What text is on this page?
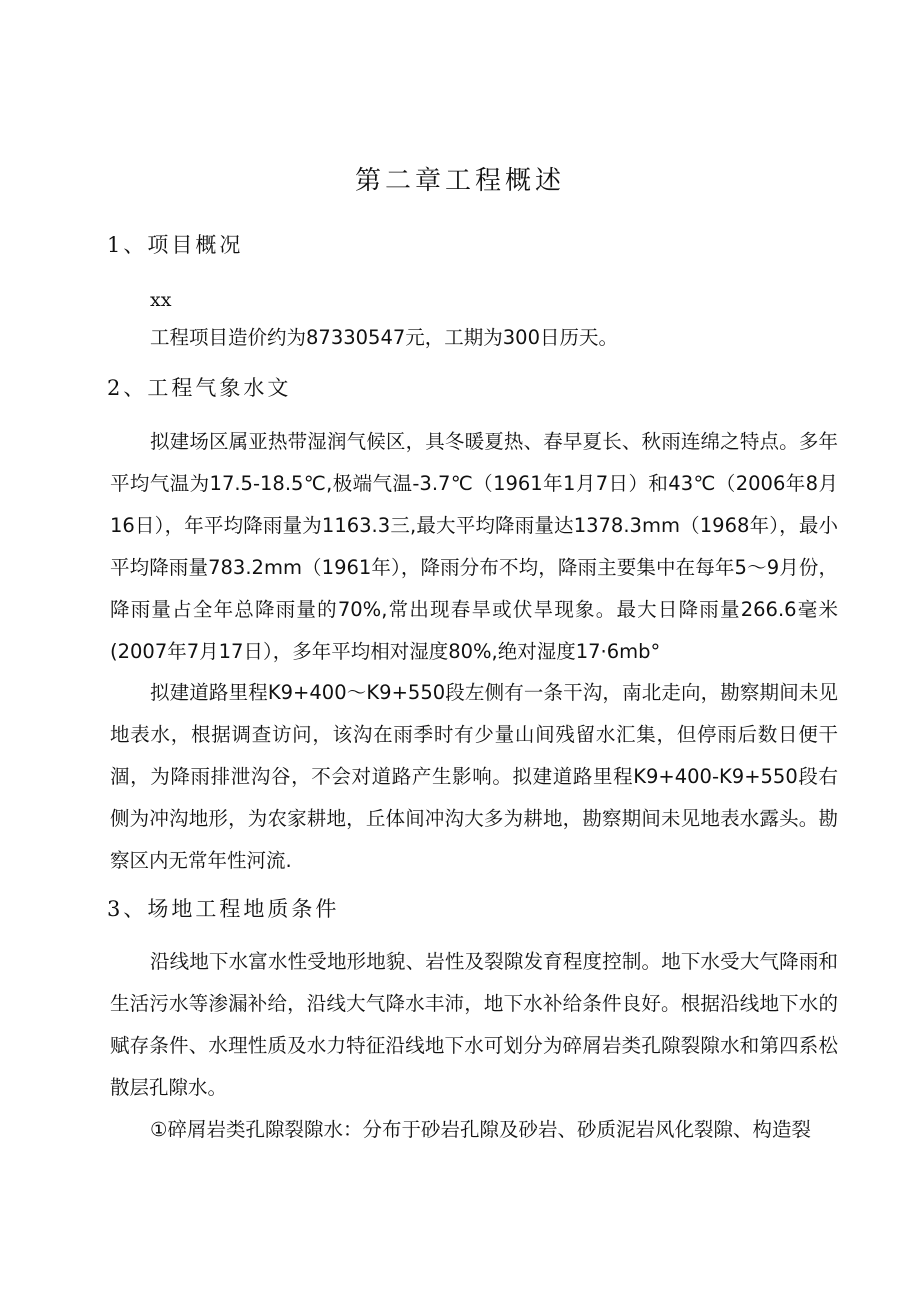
第二章工程概述
1、项目概况

xx

工程项目造价约为87330547元，工期为300日历天。

2、工程气象水文

拟建场区属亚热带湿润气候区，具冬暖夏热、春早夏长、秋雨连绵之特点。多年平均气温为17.5-18.5℃,极端气温-3.7℃（1961年1月7日）和43℃（2006年8月16日），年平均降雨量为1163.3三,最大平均降雨量达1378.3mm（1968年），最小平均降雨量783.2mm（1961年），降雨分布不均，降雨主要集中在每年5〜9月份，降雨量占全年总降雨量的70%,常出现春旱或伏旱现象。最大日降雨量266.6毫米(2007年7月17日），多年平均相对湿度80%,绝对湿度17·6mb°

拟建道路里程K9+400〜K9+550段左侧有一条干沟，南北走向，勘察期间未见地表水，根据调查访问，该沟在雨季时有少量山间残留水汇集，但停雨后数日便干涸，为降雨排泄沟谷，不会对道路产生影响。拟建道路里程K9+400-K9+550段右侧为冲沟地形，为农家耕地，丘体间冲沟大多为耕地，勘察期间未见地表水露头。勘察区内无常年性河流.

3、场地工程地质条件

沿线地下水富水性受地形地貌、岩性及裂隙发育程度控制。地下水受大气降雨和生活污水等渗漏补给，沿线大气降水丰沛，地下水补给条件良好。根据沿线地下水的赋存条件、水理性质及水力特征沿线地下水可划分为碎屑岩类孔隙裂隙水和第四系松散层孔隙水。

①碎屑岩类孔隙裂隙水：分布于砂岩孔隙及砂岩、砂质泥岩风化裂隙、构造裂
